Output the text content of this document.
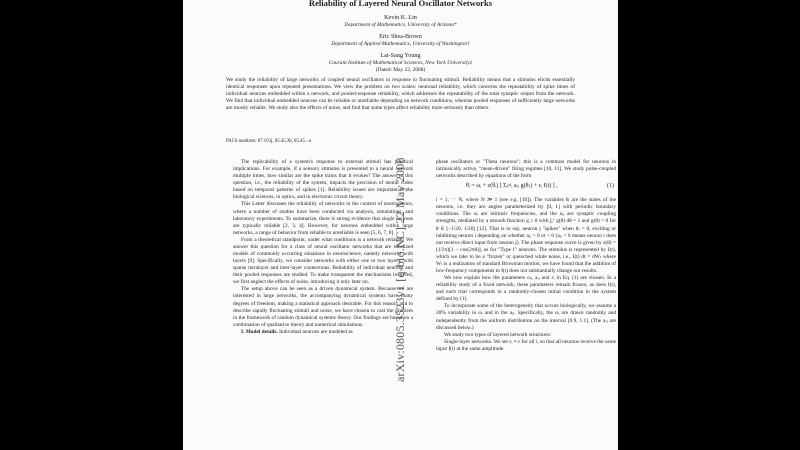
Reliability of Layered Neural Oscillator Networks
Kevin K. Lin
Department of Mathematics, University of Arizona*
Eric Shea-Brown
Department of Applied Mathematics, University of Washington†
Lai-Sang Young
Courant Institute of Mathematical Sciences, New York University‡
(Dated: May 22, 2008)

We study the reliability of large networks of coupled neural oscillators in response to fluctuating stimuli. Reliability means that a stimulus elicits essentially identical responses upon repeated presentations. We view the problem on two scales: neuronal reliability, which concerns the repeatability of spike times of individual neurons embedded within a network, and pooled-response reliability, which addresses the repeatability of the total synaptic output from the network. We find that individual embedded neurons can be reliable or unreliable depending on network conditions, whereas pooled responses of sufficiently large networks are mostly reliable. We study also the effects of noise, and find that some types affect reliability more seriously than others.

PACS numbers: 87.19.lj, 05.45.Xt, 05.45.−a

The replicability of a system's response to external stimuli has practical implications. For example, if a sensory stimulus is presented to a neural network multiple times, how similar are the spike trains that it evokes? The answer to this question, i.e., the reliability of the system, impacts the precision of neural codes based on temporal patterns of spikes [1]. Reliability issues are important in the biological sciences, in optics, and in electronic circuit theory.

This Letter discusses the reliability of networks in the context of neuroscience, where a number of studies have been conducted via analysis, simulations, and laboratory experiments. To summarize, there is strong evidence that single neurons are typically reliable [2, 3, 4]. However, for neurons embedded within large networks, a range of behavior from reliable to unreliable is seen [5, 6, 7, 8].

From a theoretical standpoint, under what conditions is a network reliable? We answer this question for a class of neural oscillator networks that are idealized models of commonly occurring situations in neuroscience, namely networks with layers [9]. Specifically, we consider networks with either one or two layers, with sparse intralayer and inter-layer connections. Reliability of individual neurons and their pooled responses are studied. To make transparent the mechanisms involved, we first neglect the effects of noise, introducing it only later on.

The setup above can be seen as a driven dynamical system. Because we are interested in large networks, the accompanying dynamical systems have many degrees of freedom, making a statistical approach desirable. For this reason, and to describe rapidly fluctuating stimuli and noise, we have chosen to cast the problem in the framework of random dynamical systems theory. Our findings are based on a combination of qualitative theory and numerical simulations.

I. Model details. Individual neurons are modeled as

phase oscillators or "Theta neurons"; this is a common model for neurons in intrinsically active, "mean-driven" firing regimes [10, 11]. We study pulse-coupled networks described by equations of the form

θ̇ᵢ = ωᵢ + z(θᵢ) [ Σⱼ≠ᵢ aⱼᵢ g(θⱼ) + εᵢ I(t) ] ,	(1)

i = 1, ⋯ N, where N ≫ 1 (see e.g. [10]). The variables θᵢ are the states of the neurons, i.e. they are angles parameterized by [0, 1] with periodic boundary conditions. The ωᵢ are intrinsic frequencies, and the aⱼᵢ are synaptic coupling strengths, mediated by a smooth function g ≥ 0 with ∫₀¹ g(θ) dθ = 1 and g(θ) = 0 for θ ∈ [−1/20, 1/20] [12]. That is to say, neuron j "spikes" when θⱼ = 0, exciting or inhibiting neuron i depending on whether aⱼᵢ > 0 or < 0 (aⱼᵢ = 0 means neuron i does not receive direct input from neuron j). The phase response curve is given by z(θ) = (1/2π)[1 − cos(2πθ)], as for "Type I" neurons. The stimulus is represented by I(t), which we take to be a "frozen" or quenched white noise, i.e., I(t) dt = dWₜ where Wₜ is a realization of standard Brownian motion; we have found that the addition of low-frequency components to I(t) does not substantially change our results.

We now explain how the parameters ωᵢ, aⱼᵢ and εᵢ in Eq. (1) are chosen. In a reliability study of a fixed network, these parameters remain frozen, as does I(t), and each trial corresponds to a randomly-chosen initial condition in the system defined by (1).

To incorporate some of the heterogeneity that occurs biologically, we assume a 20% variability in ωᵢ and in the aⱼᵢ. Specifically, the ωᵢ are drawn randomly and independently from the uniform distribution on the interval [0.9, 1.1]. (The aⱼᵢ are discussed below.)

We study two types of layered network structures:

Single-layer networks. We set εᵢ ≡ ε for all i, so that all neurons receive the same input I(t) at the same amplitude.

arXiv:0805.3523v1 [q-bio.NC] 22 May 2008
